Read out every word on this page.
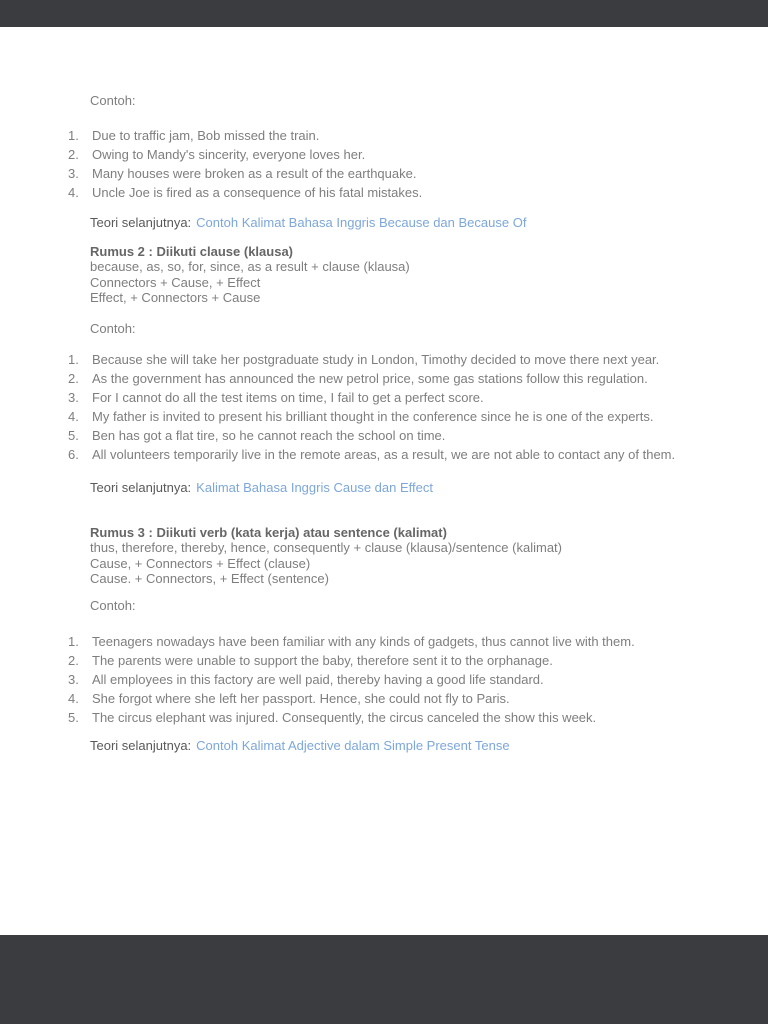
Contoh:
Due to traffic jam, Bob missed the train.
Owing to Mandy's sincerity, everyone loves her.
Many houses were broken as a result of the earthquake.
Uncle Joe is fired as a consequence of his fatal mistakes.
Teori selanjutnya: Contoh Kalimat Bahasa Inggris Because dan Because Of
Rumus 2 : Diikuti clause (klausa)
because, as, so, for, since, as a result + clause (klausa)
Connectors + Cause, + Effect
Effect, + Connectors + Cause
Contoh:
Because she will take her postgraduate study in London, Timothy decided to move there next year.
As the government has announced the new petrol price, some gas stations follow this regulation.
For I cannot do all the test items on time, I fail to get a perfect score.
My father is invited to present his brilliant thought in the conference since he is one of the experts.
Ben has got a flat tire, so he cannot reach the school on time.
All volunteers temporarily live in the remote areas, as a result, we are not able to contact any of them.
Teori selanjutnya: Kalimat Bahasa Inggris Cause dan Effect
Rumus 3 : Diikuti verb (kata kerja) atau sentence (kalimat)
thus, therefore, thereby, hence, consequently + clause (klausa)/sentence (kalimat)
Cause, + Connectors + Effect (clause)
Cause. + Connectors, + Effect (sentence)
Contoh:
Teenagers nowadays have been familiar with any kinds of gadgets, thus cannot live with them.
The parents were unable to support the baby, therefore sent it to the orphanage.
All employees in this factory are well paid, thereby having a good life standard.
She forgot where she left her passport. Hence, she could not fly to Paris.
The circus elephant was injured. Consequently, the circus canceled the show this week.
Teori selanjutnya: Contoh Kalimat Adjective dalam Simple Present Tense
